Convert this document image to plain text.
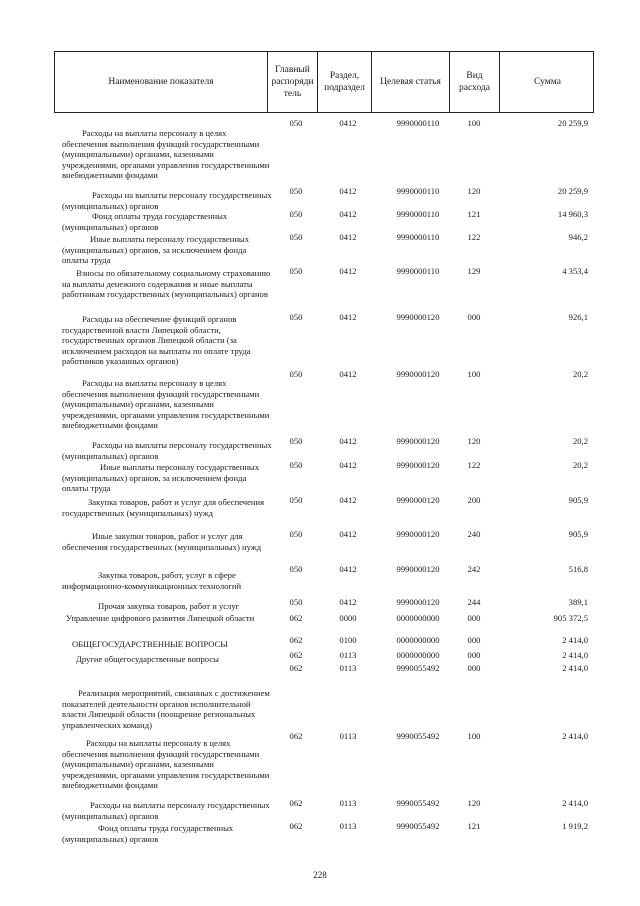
Наименование показателя
Главный распоряди тель
Раздел, подраздел
Целевая статья
Вид расхода
Сумма
Расходы на выплаты персоналу в целях обеспечения выполнения функций государственными (муниципальными) органами, казенными учреждениями, органами управления государственными внебюджетными фондами
050	0412	9990000110	100	20 259,9
Расходы на выплаты персоналу государственных (муниципальных) органов
050	0412	9990000110	120	20 259,9
Фонд оплаты труда государственных (муниципальных) органов
050	0412	9990000110	121	14 960,3
Иные выплаты персоналу государственных (муниципальных) органов, за исключением фонда оплаты труда
050	0412	9990000110	122	946,2
Взносы по обязательному социальному страхованию на выплаты денежного содержания и иные выплаты работникам государственных (муниципальных) органов
050	0412	9990000110	129	4 353,4
Расходы на обеспечение функций органов государственной власти Липецкой области, государственных органов Липецкой области (за исключением расходов на выплаты по оплате труда работников указанных органов)
050	0412	9990000120	000	926,1
Расходы на выплаты персоналу в целях обеспечения выполнения функций государственными (муниципальными) органами, казенными учреждениями, органами управления государственными внебюджетными фондами
050	0412	9990000120	100	20,2
Расходы на выплаты персоналу государственных (муниципальных) органов
050	0412	9990000120	120	20,2
Иные выплаты персоналу государственных (муниципальных) органов, за исключением фонда оплаты труда
050	0412	9990000120	122	20,2
Закупка товаров, работ и услуг для обеспечения государственных (муниципальных) нужд
050	0412	9990000120	200	905,9
Иные закупки товаров, работ и услуг для обеспечения государственных (муниципальных) нужд
050	0412	9990000120	240	905,9
Закупка товаров, работ, услуг в сфере информационно-коммуникационных технологий
050	0412	9990000120	242	516,8
Прочая закупка товаров, работ и услуг	050	0412	9990000120	244	389,1
Управление цифрового развития Липецкой области	062	0000	0000000000	000	905 372,5
ОБЩЕГОСУДАРСТВЕННЫЕ ВОПРОСЫ	062	0100	0000000000	000	2 414,0
Другие общегосударственные вопросы	062	0113	0000000000	000	2 414,0
Реализация мероприятий, связанных с достижением показателей деятельности органов исполнительной власти Липецкой области (поощрение региональных управленческих команд)
062	0113	9990055492	000	2 414,0
Расходы на выплаты персоналу в целях обеспечения выполнения функций государственными (муниципальными) органами, казенными учреждениями, органами управления государственными внебюджетными фондами
062	0113	9990055492	100	2 414,0
Расходы на выплаты персоналу государственных (муниципальных) органов
062	0113	9990055492	120	2 414,0
Фонд оплаты труда государственных (муниципальных) органов
062	0113	9990055492	121	1 919,2
228
